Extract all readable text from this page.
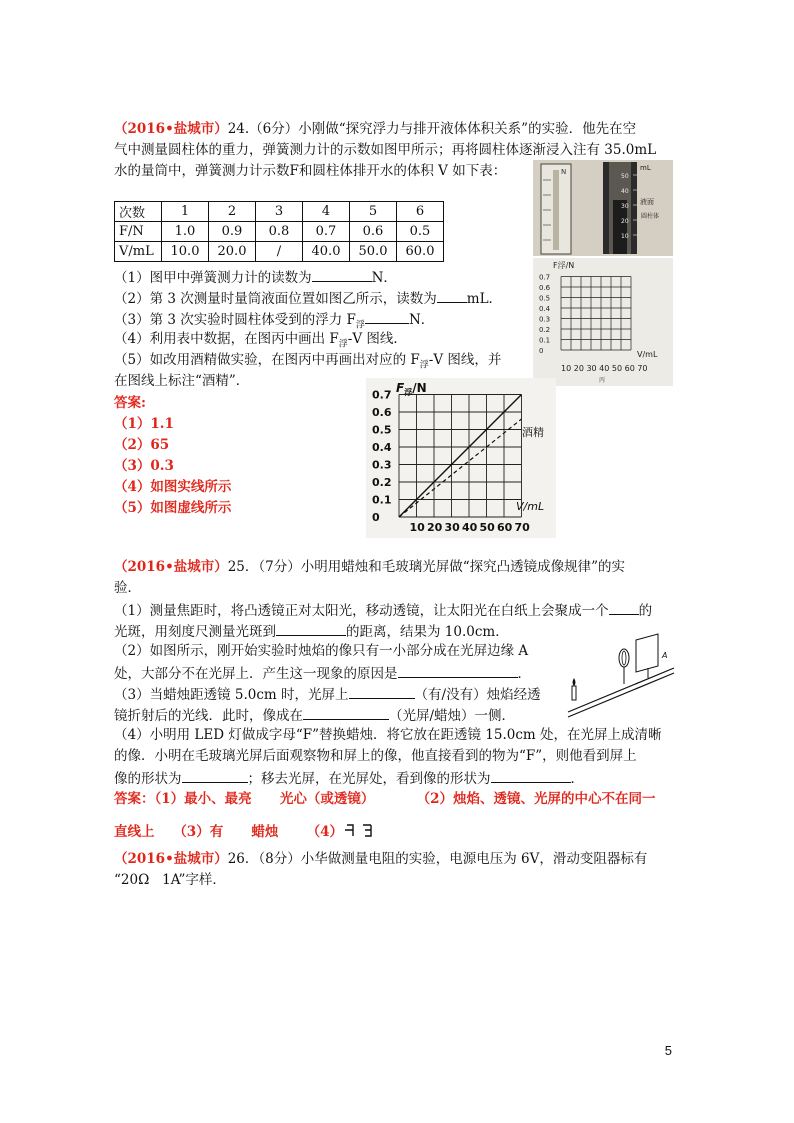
（2016•盐城市）24.（6分）小刚做“探究浮力与排开液体体积关系”的实验．他先在空
气中测量圆柱体的重力，弹簧测力计的示数如图甲所示；再将圆柱体逐渐浸入注有 35.0mL
水的量筒中，弹簧测力计示数F和圆柱体排开水的体积 V 如下表：	N	mL
液面
圆柱体
50
40
30
20
10
次数	1	2	3	4	5	6
F/N	1.0	0.9	0.8	0.7	0.6	0.5
V/mL	10.0	20.0	/	40.0	50.0	60.0
F浮/N
V/mL
10 20 30 40 50 60 70
丙
0.7
0.6
0.5
0.4
0.3
0.2
0.1
0
（1）图甲中弹簧测力计的读数为	N．
（2）第 3 次测量时量筒液面位置如图乙所示，读数为 mL．
（3）第 3 次实验时圆柱体受到的浮力 $F_浮$	N．
（4）利用表中数据，在图丙中画出 $F_浮-V$ 图线．
（5）如改用酒精做实验，在图丙中再画出对应的 $F_浮-V$ 图线，并
在图线上标注“酒精”．
答案:
（1）1.1
（2）65
（3）0.3
（4）如图实线所示
（5）如图虚线所示
$F_浮/N$
V/mL
酒精
0.7
0.6
0.5
0.4
0.3
0.2
0.1
0
10 20 30 40 50 60 70
（2016•盐城市）25．（7分）小明用蜡烛和毛玻璃光屏做“探究凸透镜成像规律”的实
验．
（1）测量焦距时，将凸透镜正对太阳光，移动透镜，让太阳光在白纸上会聚成一个 的
光斑，用刻度尺测量光斑到	的距离，结果为 10.0cm．
（2）如图所示，刚开始实验时烛焰的像只有一小部分成在光屏边缘 A
处，大部分不在光屏上．产生这一现象的原因是	．
（3）当蜡烛距透镜 5.0cm 时，光屏上	（有/没有）烛焰经透
镜折射后的光线．此时，像成在	（光屏/蜡烛）一侧．
A
（4）小明用 LED 灯做成字母“F”替换蜡烛．将它放在距透镜 15.0cm 处，在光屏上成清晰
的像．小明在毛玻璃光屏后面观察物和屏上的像，他直接看到的物为“F”，则他看到屏上
像的形状为	；移去光屏，在光屏处，看到像的形状为	．
答案：（1）最小、最亮      光心（或透镜）         （2）烛焰、透镜、光屏的中心不在同一
直线上    （3）有      蜡烛      （4）
（2016•盐城市）26．（8分）小华做测量电阻的实验，电源电压为 6V，滑动变阻器标有
“20Ω   1A”字样．
5
